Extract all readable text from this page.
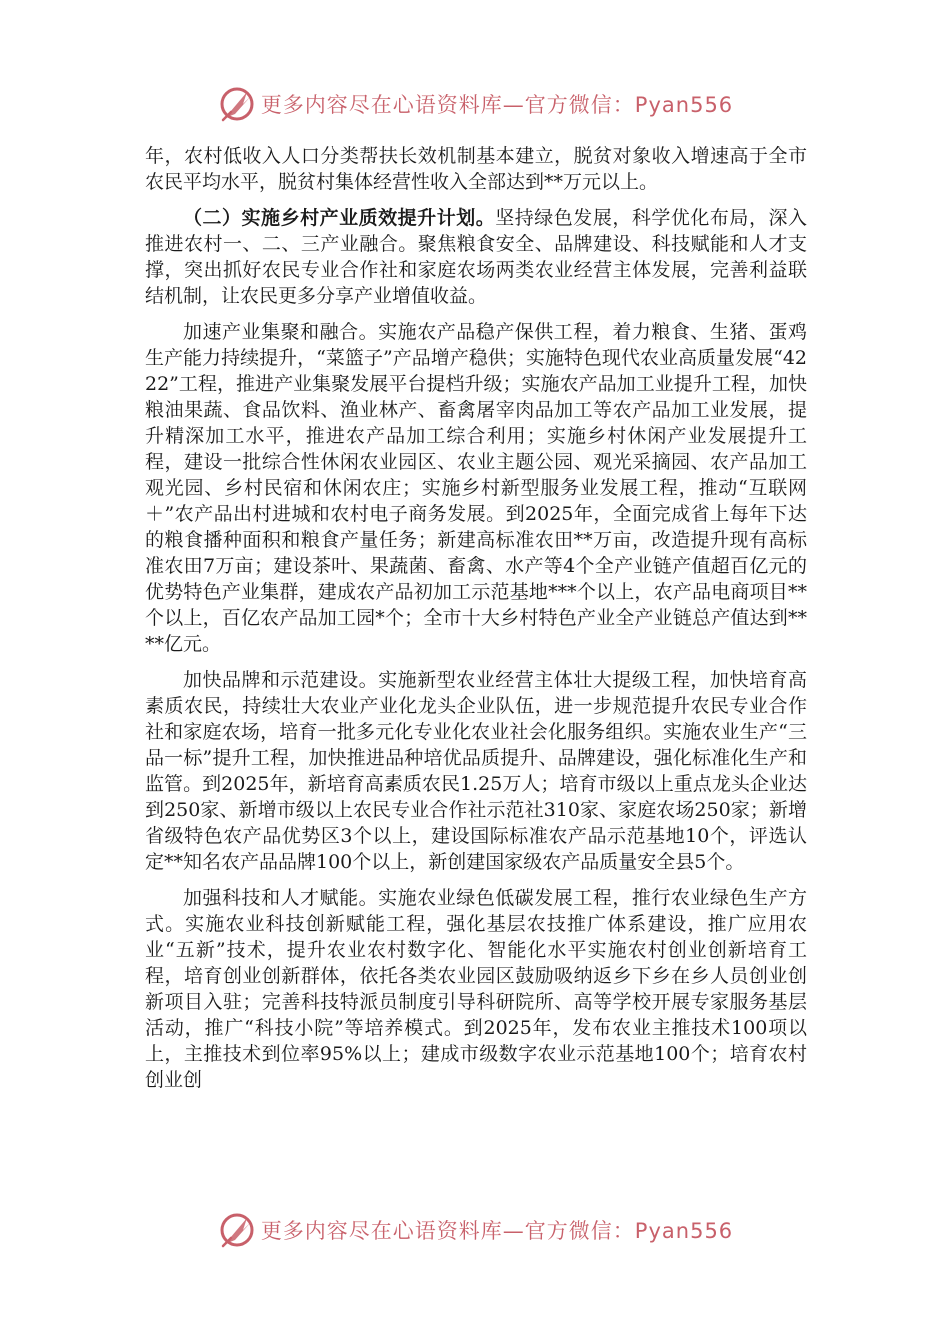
更多内容尽在心语资料库—官方微信：Pyan556

年，农村低收入人口分类帮扶长效机制基本建立，脱贫对象收入增速高于全市农民平均水平，脱贫村集体经营性收入全部达到**万元以上。

（二）实施乡村产业质效提升计划。坚持绿色发展，科学优化布局，深入推进农村一、二、三产业融合。聚焦粮食安全、品牌建设、科技赋能和人才支撑，突出抓好农民专业合作社和家庭农场两类农业经营主体发展，完善利益联结机制，让农民更多分享产业增值收益。

加速产业集聚和融合。实施农产品稳产保供工程，着力粮食、生猪、蛋鸡生产能力持续提升，“菜篮子”产品增产稳供；实施特色现代农业高质量发展“4222”工程，推进产业集聚发展平台提档升级；实施农产品加工业提升工程，加快粮油果蔬、食品饮料、渔业林产、畜禽屠宰肉品加工等农产品加工业发展，提升精深加工水平，推进农产品加工综合利用；实施乡村休闲产业发展提升工程，建设一批综合性休闲农业园区、农业主题公园、观光采摘园、农产品加工观光园、乡村民宿和休闲农庄；实施乡村新型服务业发展工程，推动“互联网＋”农产品出村进城和农村电子商务发展。到2025年，全面完成省上每年下达的粮食播种面积和粮食产量任务；新建高标准农田**万亩，改造提升现有高标准农田7万亩；建设茶叶、果蔬菌、畜禽、水产等4个全产业链产值超百亿元的优势特色产业集群，建成农产品初加工示范基地***个以上，农产品电商项目**个以上，百亿农产品加工园*个；全市十大乡村特色产业全产业链总产值达到****亿元。

加快品牌和示范建设。实施新型农业经营主体壮大提级工程，加快培育高素质农民，持续壮大农业产业化龙头企业队伍，进一步规范提升农民专业合作社和家庭农场，培育一批多元化专业化农业社会化服务组织。实施农业生产“三品一标”提升工程，加快推进品种培优品质提升、品牌建设，强化标准化生产和监管。到2025年，新培育高素质农民1.25万人；培育市级以上重点龙头企业达到250家、新增市级以上农民专业合作社示范社310家、家庭农场250家；新增省级特色农产品优势区3个以上，建设国际标准农产品示范基地10个，评选认定**知名农产品品牌100个以上，新创建国家级农产品质量安全县5个。

加强科技和人才赋能。实施农业绿色低碳发展工程，推行农业绿色生产方式。实施农业科技创新赋能工程，强化基层农技推广体系建设，推广应用农业“五新”技术，提升农业农村数字化、智能化水平实施农村创业创新培育工程，培育创业创新群体，依托各类农业园区鼓励吸纳返乡下乡在乡人员创业创新项目入驻；完善科技特派员制度引导科研院所、高等学校开展专家服务基层活动，推广“科技小院”等培养模式。到2025年，发布农业主推技术100项以上，主推技术到位率95%以上；建成市级数字农业示范基地100个；培育农村创业创

更多内容尽在心语资料库—官方微信：Pyan556
